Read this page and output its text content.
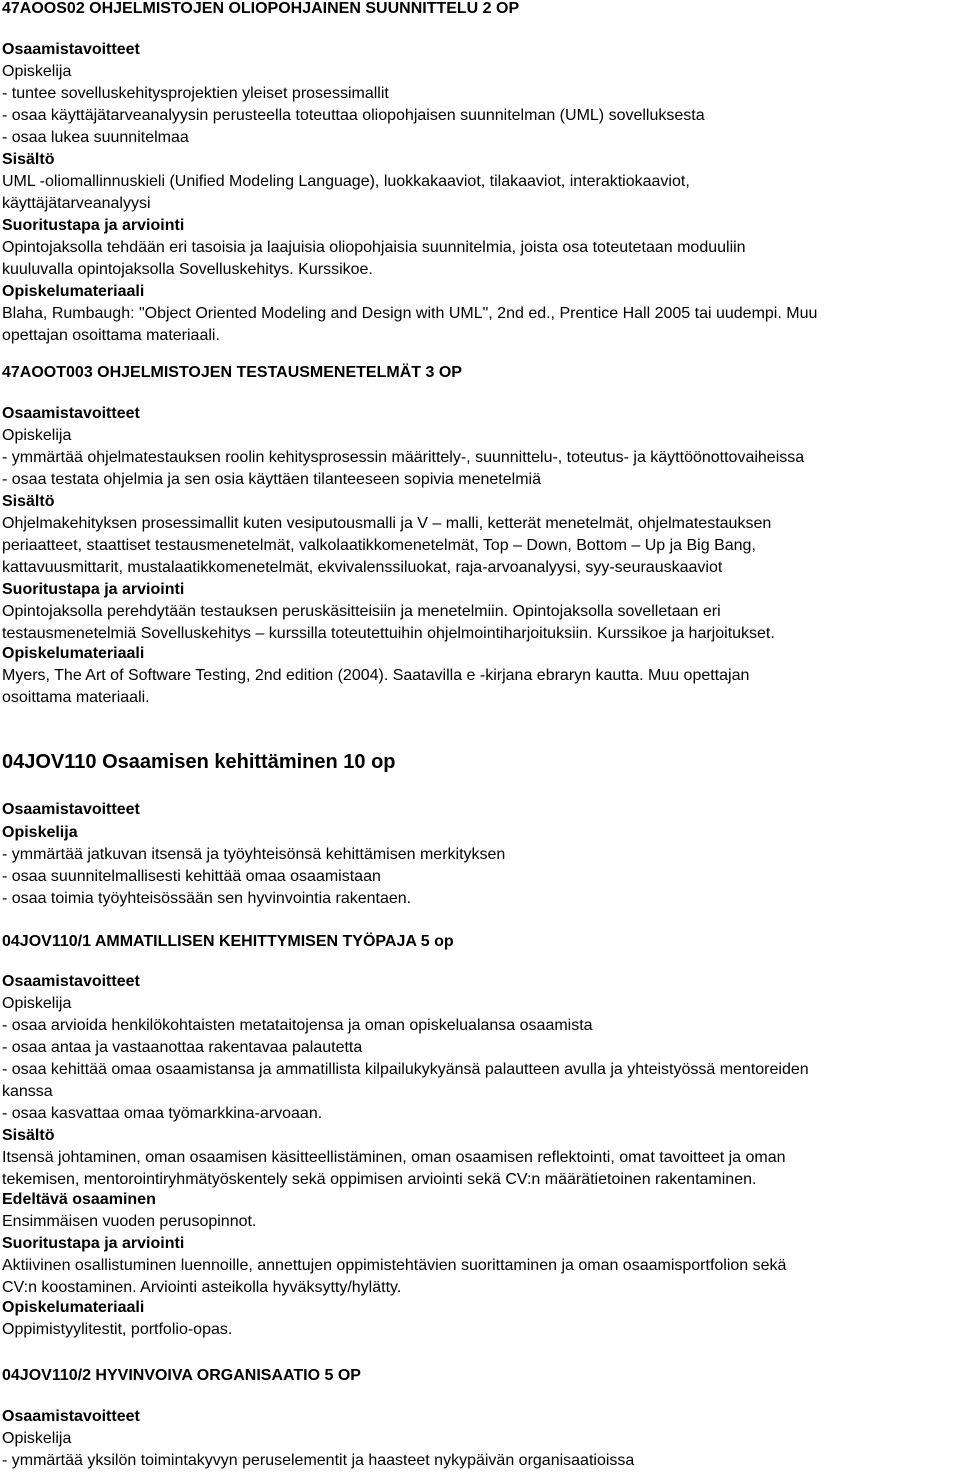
47AOOS02 OHJELMISTOJEN OLIOPOHJAINEN SUUNNITTELU 2 OP

Osaamistavoitteet

Opiskelija

- tuntee sovelluskehitysprojektien yleiset prosessimallit

- osaa käyttäjätarveanalyysin perusteella toteuttaa oliopohjaisen suunnitelman (UML) sovelluksesta

- osaa lukea suunnitelmaa

Sisältö

UML -oliomallinnuskieli (Unified Modeling Language), luokkakaaviot, tilakaaviot, interaktiokaaviot,

käyttäjätarveanalyysi

Suoritustapa ja arviointi

Opintojaksolla tehdään eri tasoisia ja laajuisia oliopohjaisia suunnitelmia, joista osa toteutetaan moduuliin

kuuluvalla opintojaksolla Sovelluskehitys. Kurssikoe.

Opiskelumateriaali

Blaha, Rumbaugh: "Object Oriented Modeling and Design with UML", 2nd ed., Prentice Hall 2005 tai uudempi. Muu

opettajan osoittama materiaali.

47AOOT003 OHJELMISTOJEN TESTAUSMENETELMÄT 3 OP

Osaamistavoitteet

Opiskelija

- ymmärtää ohjelmatestauksen roolin kehitysprosessin määrittely-, suunnittelu-, toteutus- ja käyttöönottovaiheissa

- osaa testata ohjelmia ja sen osia käyttäen tilanteeseen sopivia menetelmiä

Sisältö

Ohjelmakehityksen prosessimallit kuten vesiputousmalli ja V – malli, ketterät menetelmät, ohjelmatestauksen

periaatteet, staattiset testausmenetelmät, valkolaatikkomenetelmät, Top – Down, Bottom – Up ja Big Bang,

kattavuusmittarit, mustalaatikkomenetelmät, ekvivalenssiluokat, raja-arvoanalyysi, syy-seurauskaaviot

Suoritustapa ja arviointi

Opintojaksolla perehdytään testauksen peruskäsitteisiin ja menetelmiin. Opintojaksolla sovelletaan eri

testausmenetelmiä Sovelluskehitys – kurssilla toteutettuihin ohjelmointiharjoituksiin. Kurssikoe ja harjoitukset.

Opiskelumateriaali

Myers, The Art of Software Testing, 2nd edition (2004). Saatavilla e -kirjana ebraryn kautta. Muu opettajan

osoittama materiaali.

04JOV110 Osaamisen kehittäminen 10 op

Osaamistavoitteet

Opiskelija

- ymmärtää jatkuvan itsensä ja työyhteisönsä kehittämisen merkityksen

- osaa suunnitelmallisesti kehittää omaa osaamistaan

- osaa toimia työyhteisössään sen hyvinvointia rakentaen.

04JOV110/1 AMMATILLISEN KEHITTYMISEN TYÖPAJA 5 op

Osaamistavoitteet

Opiskelija

- osaa arvioida henkilökohtaisten metataitojensa ja oman opiskelualansa osaamista

- osaa antaa ja vastaanottaa rakentavaa palautetta

- osaa kehittää omaa osaamistansa ja ammatillista kilpailukykyänsä palautteen avulla ja yhteistyössä mentoreiden

kanssa

- osaa kasvattaa omaa työmarkkina-arvoaan.

Sisältö

Itsensä johtaminen, oman osaamisen käsitteellistäminen, oman osaamisen reflektointi, omat tavoitteet ja oman

tekemisen, mentorointiryhmätyöskentely sekä oppimisen arviointi sekä CV:n määrätietoinen rakentaminen.

Edeltävä osaaminen

Ensimmäisen vuoden perusopinnot.

Suoritustapa ja arviointi

Aktiivinen osallistuminen luennoille, annettujen oppimistehtävien suorittaminen ja oman osaamisportfolion sekä

CV:n koostaminen. Arviointi asteikolla hyväksytty/hylätty.

Opiskelumateriaali

Oppimistyylitestit, portfolio-opas.

04JOV110/2 HYVINVOIVA ORGANISAATIO 5 OP

Osaamistavoitteet

Opiskelija

- ymmärtää yksilön toimintakyvyn peruselementit ja haasteet nykypäivän organisaatioissa
